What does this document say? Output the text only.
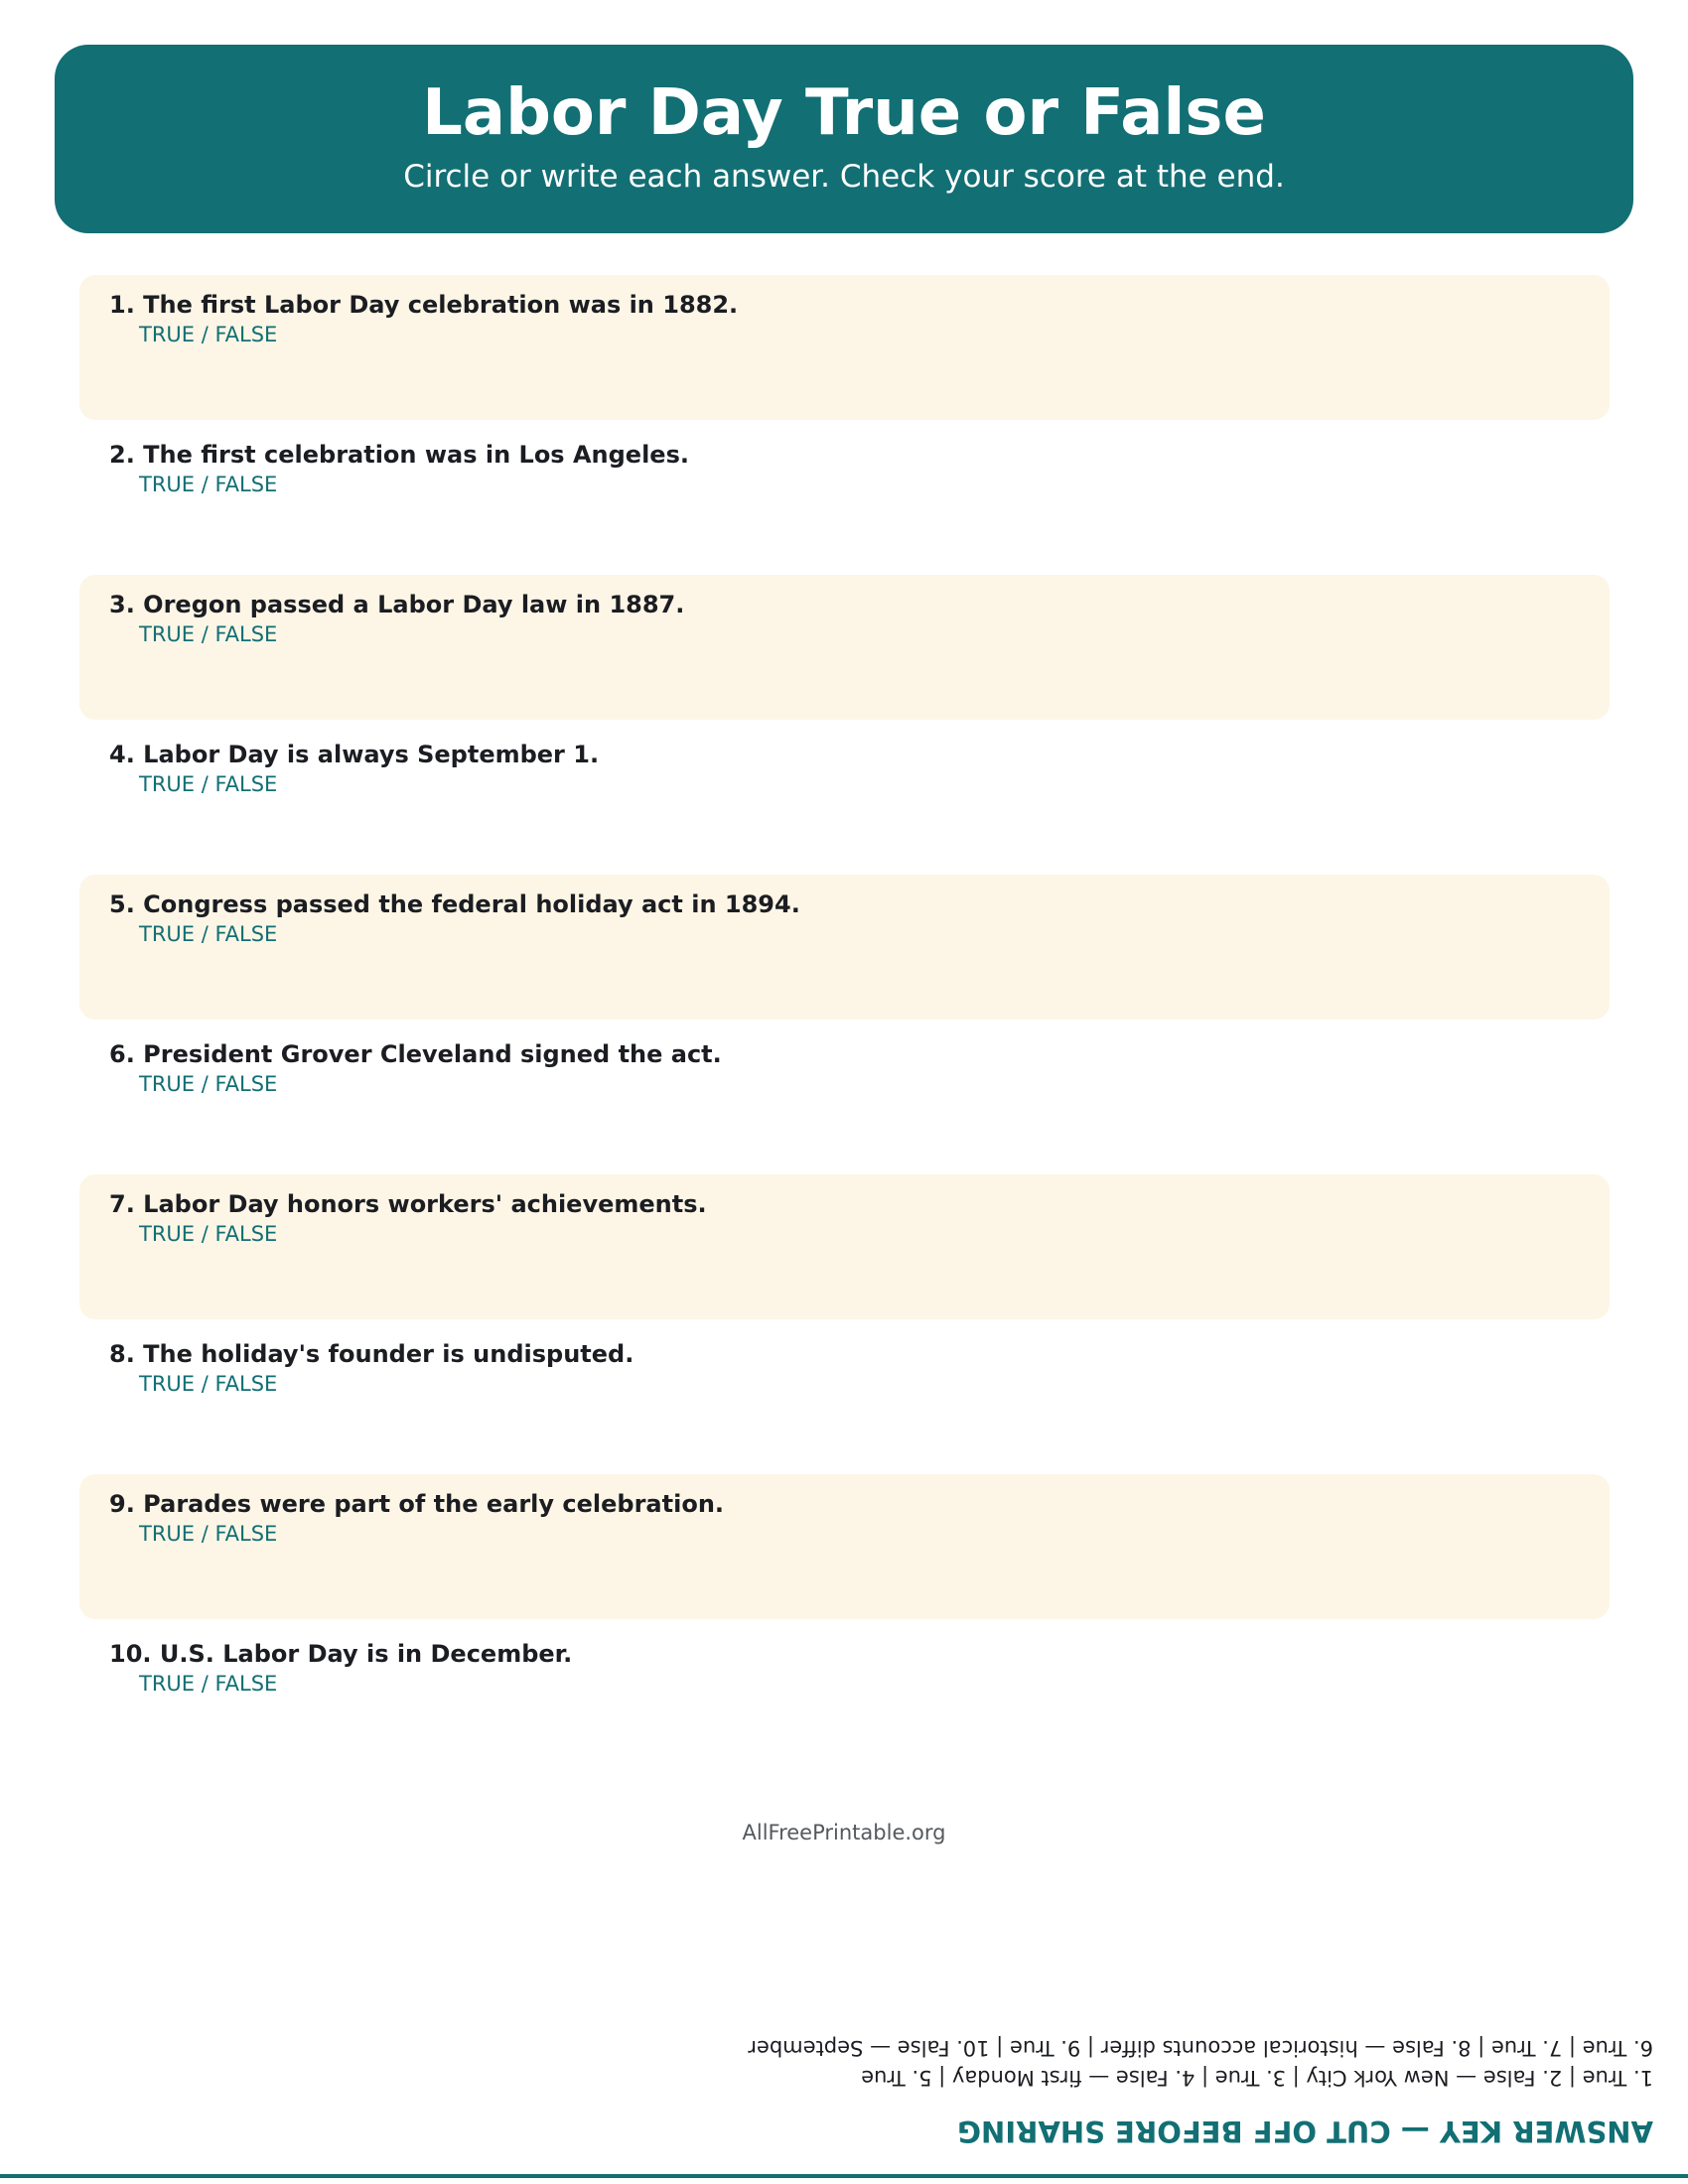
Labor Day True or False
Circle or write each answer. Check your score at the end.
1. The first Labor Day celebration was in 1882.
TRUE / FALSE
2. The first celebration was in Los Angeles.
TRUE / FALSE
3. Oregon passed a Labor Day law in 1887.
TRUE / FALSE
4. Labor Day is always September 1.
TRUE / FALSE
5. Congress passed the federal holiday act in 1894.
TRUE / FALSE
6. President Grover Cleveland signed the act.
TRUE / FALSE
7. Labor Day honors workers' achievements.
TRUE / FALSE
8. The holiday's founder is undisputed.
TRUE / FALSE
9. Parades were part of the early celebration.
TRUE / FALSE
10. U.S. Labor Day is in December.
TRUE / FALSE
AllFreePrintable.org
ANSWER KEY — CUT OFF BEFORE SHARING
1. True | 2. False — New York City | 3. True | 4. False — first Monday | 5. True
6. True | 7. True | 8. False — historical accounts differ | 9. True | 10. False — September
